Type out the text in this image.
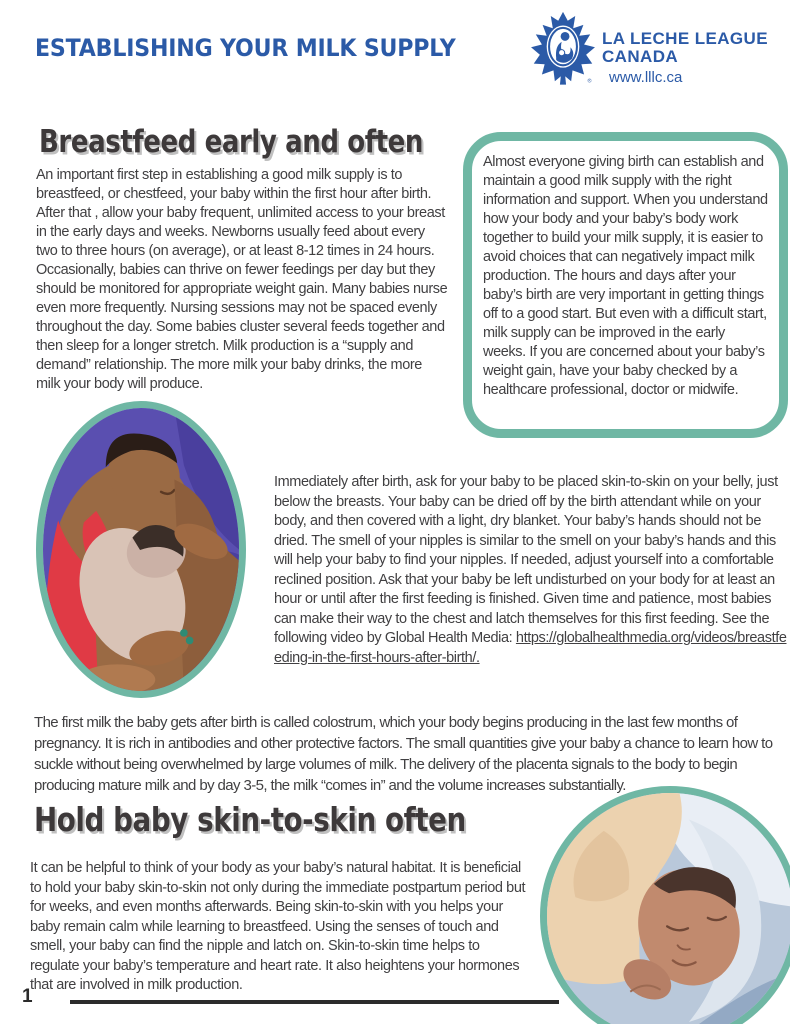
ESTABLISHING YOUR MILK SUPPLY
®
LA LECHE LEAGUE
CANADA
www.lllc.ca
Breastfeed early and often

An important first step in establishing a good milk supply is to breastfeed, or chestfeed, your baby within the first hour after birth. After that , allow your baby frequent, unlimited access to your breast in the early days and weeks. Newborns usually feed about every two to three hours (on average), or at least 8-12 times in 24 hours. Occasionally, babies can thrive on fewer feedings per day but they should be monitored for appropriate weight gain. Many babies nurse even more frequently. Nursing sessions may not be spaced evenly throughout the day. Some babies cluster several feeds together and then sleep for a longer stretch. Milk production is a “supply and demand” relationship. The more milk your baby drinks, the more milk your body will produce.

Almost everyone giving birth can establish and maintain a good milk supply with the right information and support. When you understand how your body and your baby’s body work together to build your milk supply, it is easier to avoid choices that can negatively impact milk production. The hours and days after your baby’s birth are very important in getting things off to a good start. But even with a difficult start, milk supply can be improved in the early weeks. If you are concerned about your baby’s weight gain, have your baby checked by a healthcare professional, doctor or midwife.

Immediately after birth, ask for your baby to be placed skin-to-skin on your belly, just below the breasts. Your baby can be dried off by the birth attendant while on your body, and then covered with a light, dry blanket. Your baby’s hands should not be dried. The smell of your nipples is similar to the smell on your baby’s hands and this will help your baby to find your nipples. If needed, adjust yourself into a comfortable reclined position. Ask that your baby be left undisturbed on your body for at least an hour or until after the first feeding is finished. Given time and patience, most babies can make their way to the chest and latch themselves for this first feeding. See the following video by Global Health Media: https://globalhealthmedia.org/videos/breastfeeding-in-the-first-hours-after-birth/.

The first milk the baby gets after birth is called colostrum, which your body begins producing in the last few months of pregnancy. It is rich in antibodies and other protective factors. The small quantities give your baby a chance to learn how to suckle without being overwhelmed by large volumes of milk. The delivery of the placenta signals to the body to begin producing mature milk and by day 3-5, the milk “comes in” and the volume increases substantially.

Hold baby skin-to-skin often

It can be helpful to think of your body as your baby’s natural habitat. It is beneficial to hold your baby skin-to-skin not only during the immediate postpartum period but for weeks, and even months afterwards. Being skin-to-skin with you helps your baby remain calm while learning to breastfeed. Using the senses of touch and smell, your baby can find the nipple and latch on. Skin-to-skin time helps to regulate your baby’s temperature and heart rate. It also heightens your hormones that are involved in milk production.

1
